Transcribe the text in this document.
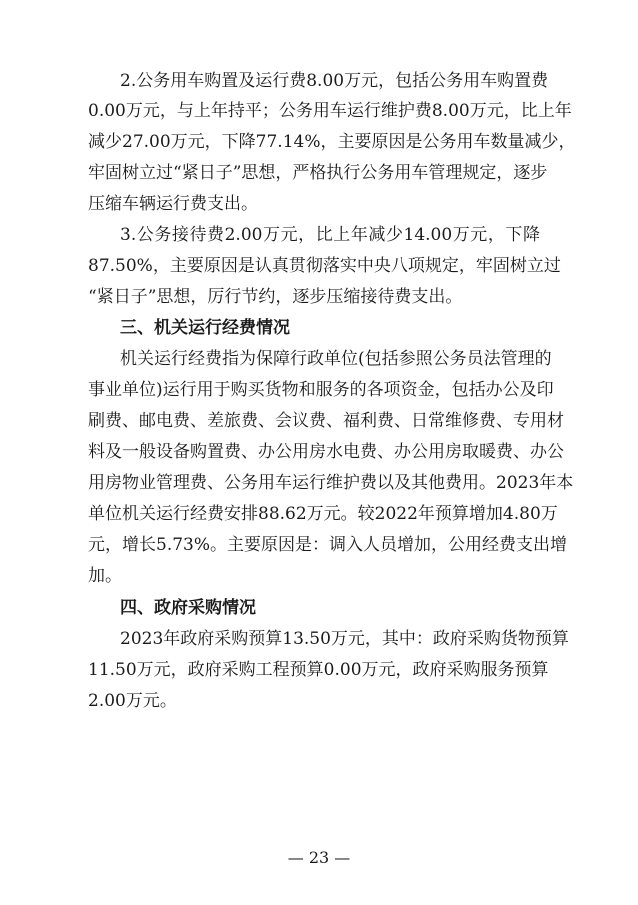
2.公务用车购置及运行费8.00万元，包括公务用车购置费
0.00万元，与上年持平；公务用车运行维护费8.00万元，比上年
减少27.00万元，下降77.14%，主要原因是公务用车数量减少，
牢固树立过“紧日子”思想，严格执行公务用车管理规定，逐步
压缩车辆运行费支出。
3.公务接待费2.00万元，比上年减少14.00万元，下降
87.50%，主要原因是认真贯彻落实中央八项规定，牢固树立过
“紧日子”思想，厉行节约，逐步压缩接待费支出。
三、机关运行经费情况
机关运行经费指为保障行政单位(包括参照公务员法管理的
事业单位)运行用于购买货物和服务的各项资金，包括办公及印
刷费、邮电费、差旅费、会议费、福利费、日常维修费、专用材
料及一般设备购置费、办公用房水电费、办公用房取暖费、办公
用房物业管理费、公务用车运行维护费以及其他费用。2023年本
单位机关运行经费安排88.62万元。较2022年预算增加4.80万
元，增长5.73%。主要原因是：调入人员增加，公用经费支出增
加。
四、政府采购情况
2023年政府采购预算13.50万元，其中：政府采购货物预算
11.50万元，政府采购工程预算0.00万元，政府采购服务预算
2.00万元。
— 23 —
